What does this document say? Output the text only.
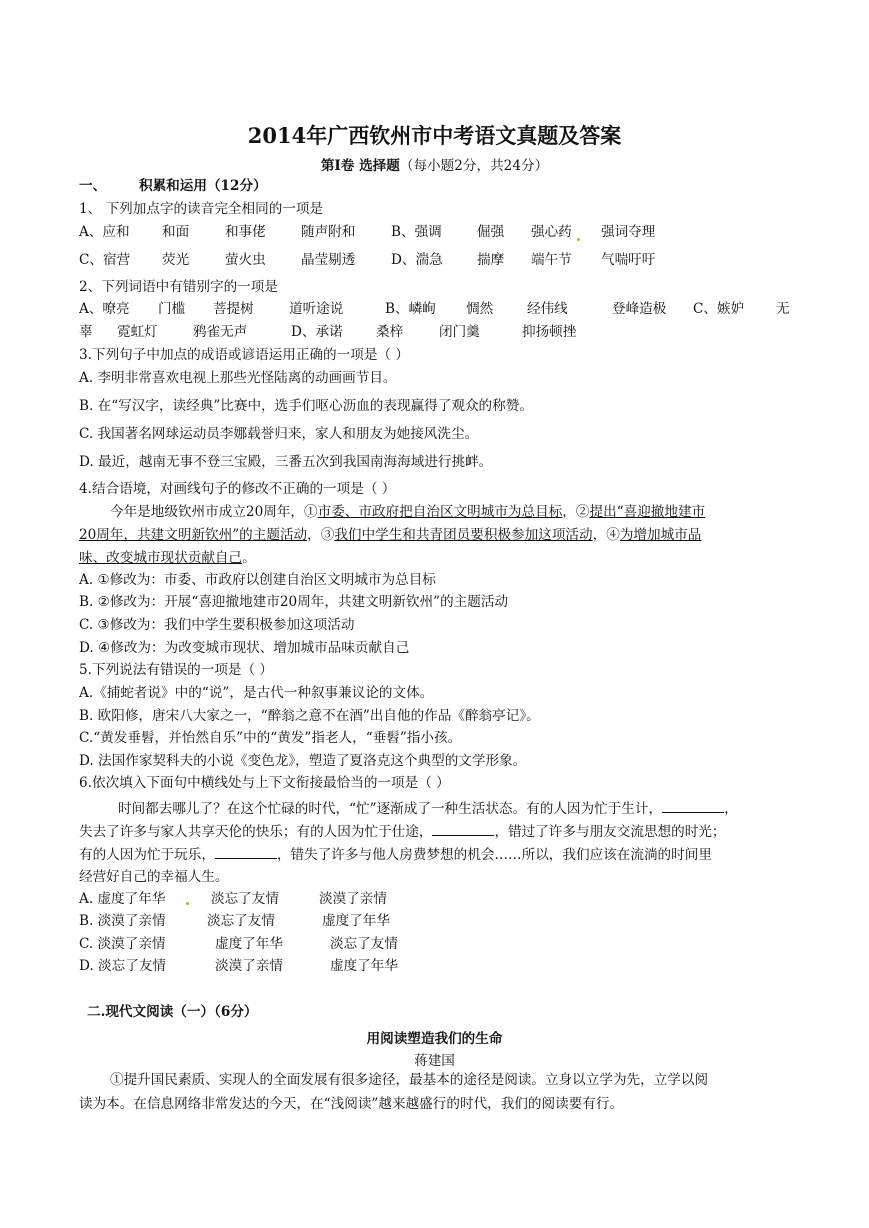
2014年广西钦州市中考语文真题及答案
第Ⅰ卷 选择题（每小题2分，共24分）
一、 积累和运用（12分）
1、 下列加点字的读音完全相同的一项是
A、应和 和面	和事佬	随声附和	B、强调	倔强 强心药 强词夺理
C、宿营 荧光	萤火虫	晶莹剔透	D、湍急	揣摩 端午节 气喘吁吁
2、下列词语中有错别字的一项是
A、嘹亮 门槛 菩提树	道听途说	B、嶙峋 惆然 经伟线	登峰造极 C、嫉妒 无
辜 霓虹灯	鸦雀无声	D、承诺 桑梓	闭门羹	抑扬顿挫
3.下列句子中加点的成语或谚语运用正确的一项是（ ）
A. 李明非常喜欢电视上那些光怪陆离的动画画节目。
B. 在“写汉字，读经典”比赛中，选手们呕心沥血的表现赢得了观众的称赞。
C. 我国著名网球运动员李娜载誉归来，家人和朋友为她接风洗尘。
D. 最近，越南无事不登三宝殿，三番五次到我国南海海域进行挑衅。
4.结合语境，对画线句子的修改不正确的一项是（ ）
今年是地级钦州市成立20周年，①市委、市政府把自治区文明城市为总目标，②提出“喜迎撤地建市
20周年，共建文明新钦州”的主题活动，③我们中学生和共青团员要积极参加这项活动，④为增加城市品
味、改变城市现状贡献自己。
A. ①修改为：市委、市政府以创建自治区文明城市为总目标
B. ②修改为：开展“喜迎撤地建市20周年，共建文明新钦州”的主题活动
C. ③修改为：我们中学生要积极参加这项活动
D. ④修改为：为改变城市现状、增加城市品味贡献自己
5.下列说法有错误的一项是（ ）
A.《捕蛇者说》中的“说”，是古代一种叙事兼议论的文体。
B. 欧阳修，唐宋八大家之一，“醉翁之意不在酒”出自他的作品《醉翁亭记》。
C.“黄发垂髫，并怡然自乐”中的“黄发”指老人，“垂髫”指小孩。
D. 法国作家契科夫的小说《变色龙》，塑造了夏洛克这个典型的文学形象。
6.依次填入下面句中横线处与上下文衔接最恰当的一项是（ ）
时间都去哪儿了？在这个忙碌的时代，“忙”逐渐成了一种生活状态。有的人因为忙于生计，	，
失去了许多与家人共享天伦的快乐；有的人因为忙于仕途，	，错过了许多与朋友交流思想的时光；
有的人因为忙于玩乐，	，错失了许多与他人房费梦想的机会……所以，我们应该在流淌的时间里
经营好自己的幸福人生。
A. 虚度了年华	淡忘了友情	淡漠了亲情
B. 淡漠了亲情	淡忘了友情	虚度了年华
C. 淡漠了亲情	虚度了年华	淡忘了友情
D. 淡忘了友情	淡漠了亲情	虚度了年华
二.现代文阅读（一）（6分）
用阅读塑造我们的生命
蒋建国
①提升国民素质、实现人的全面发展有很多途径，最基本的途径是阅读。立身以立学为先，立学以阅
读为本。在信息网络非常发达的今天，在“浅阅读”越来越盛行的时代，我们的阅读要有行。
